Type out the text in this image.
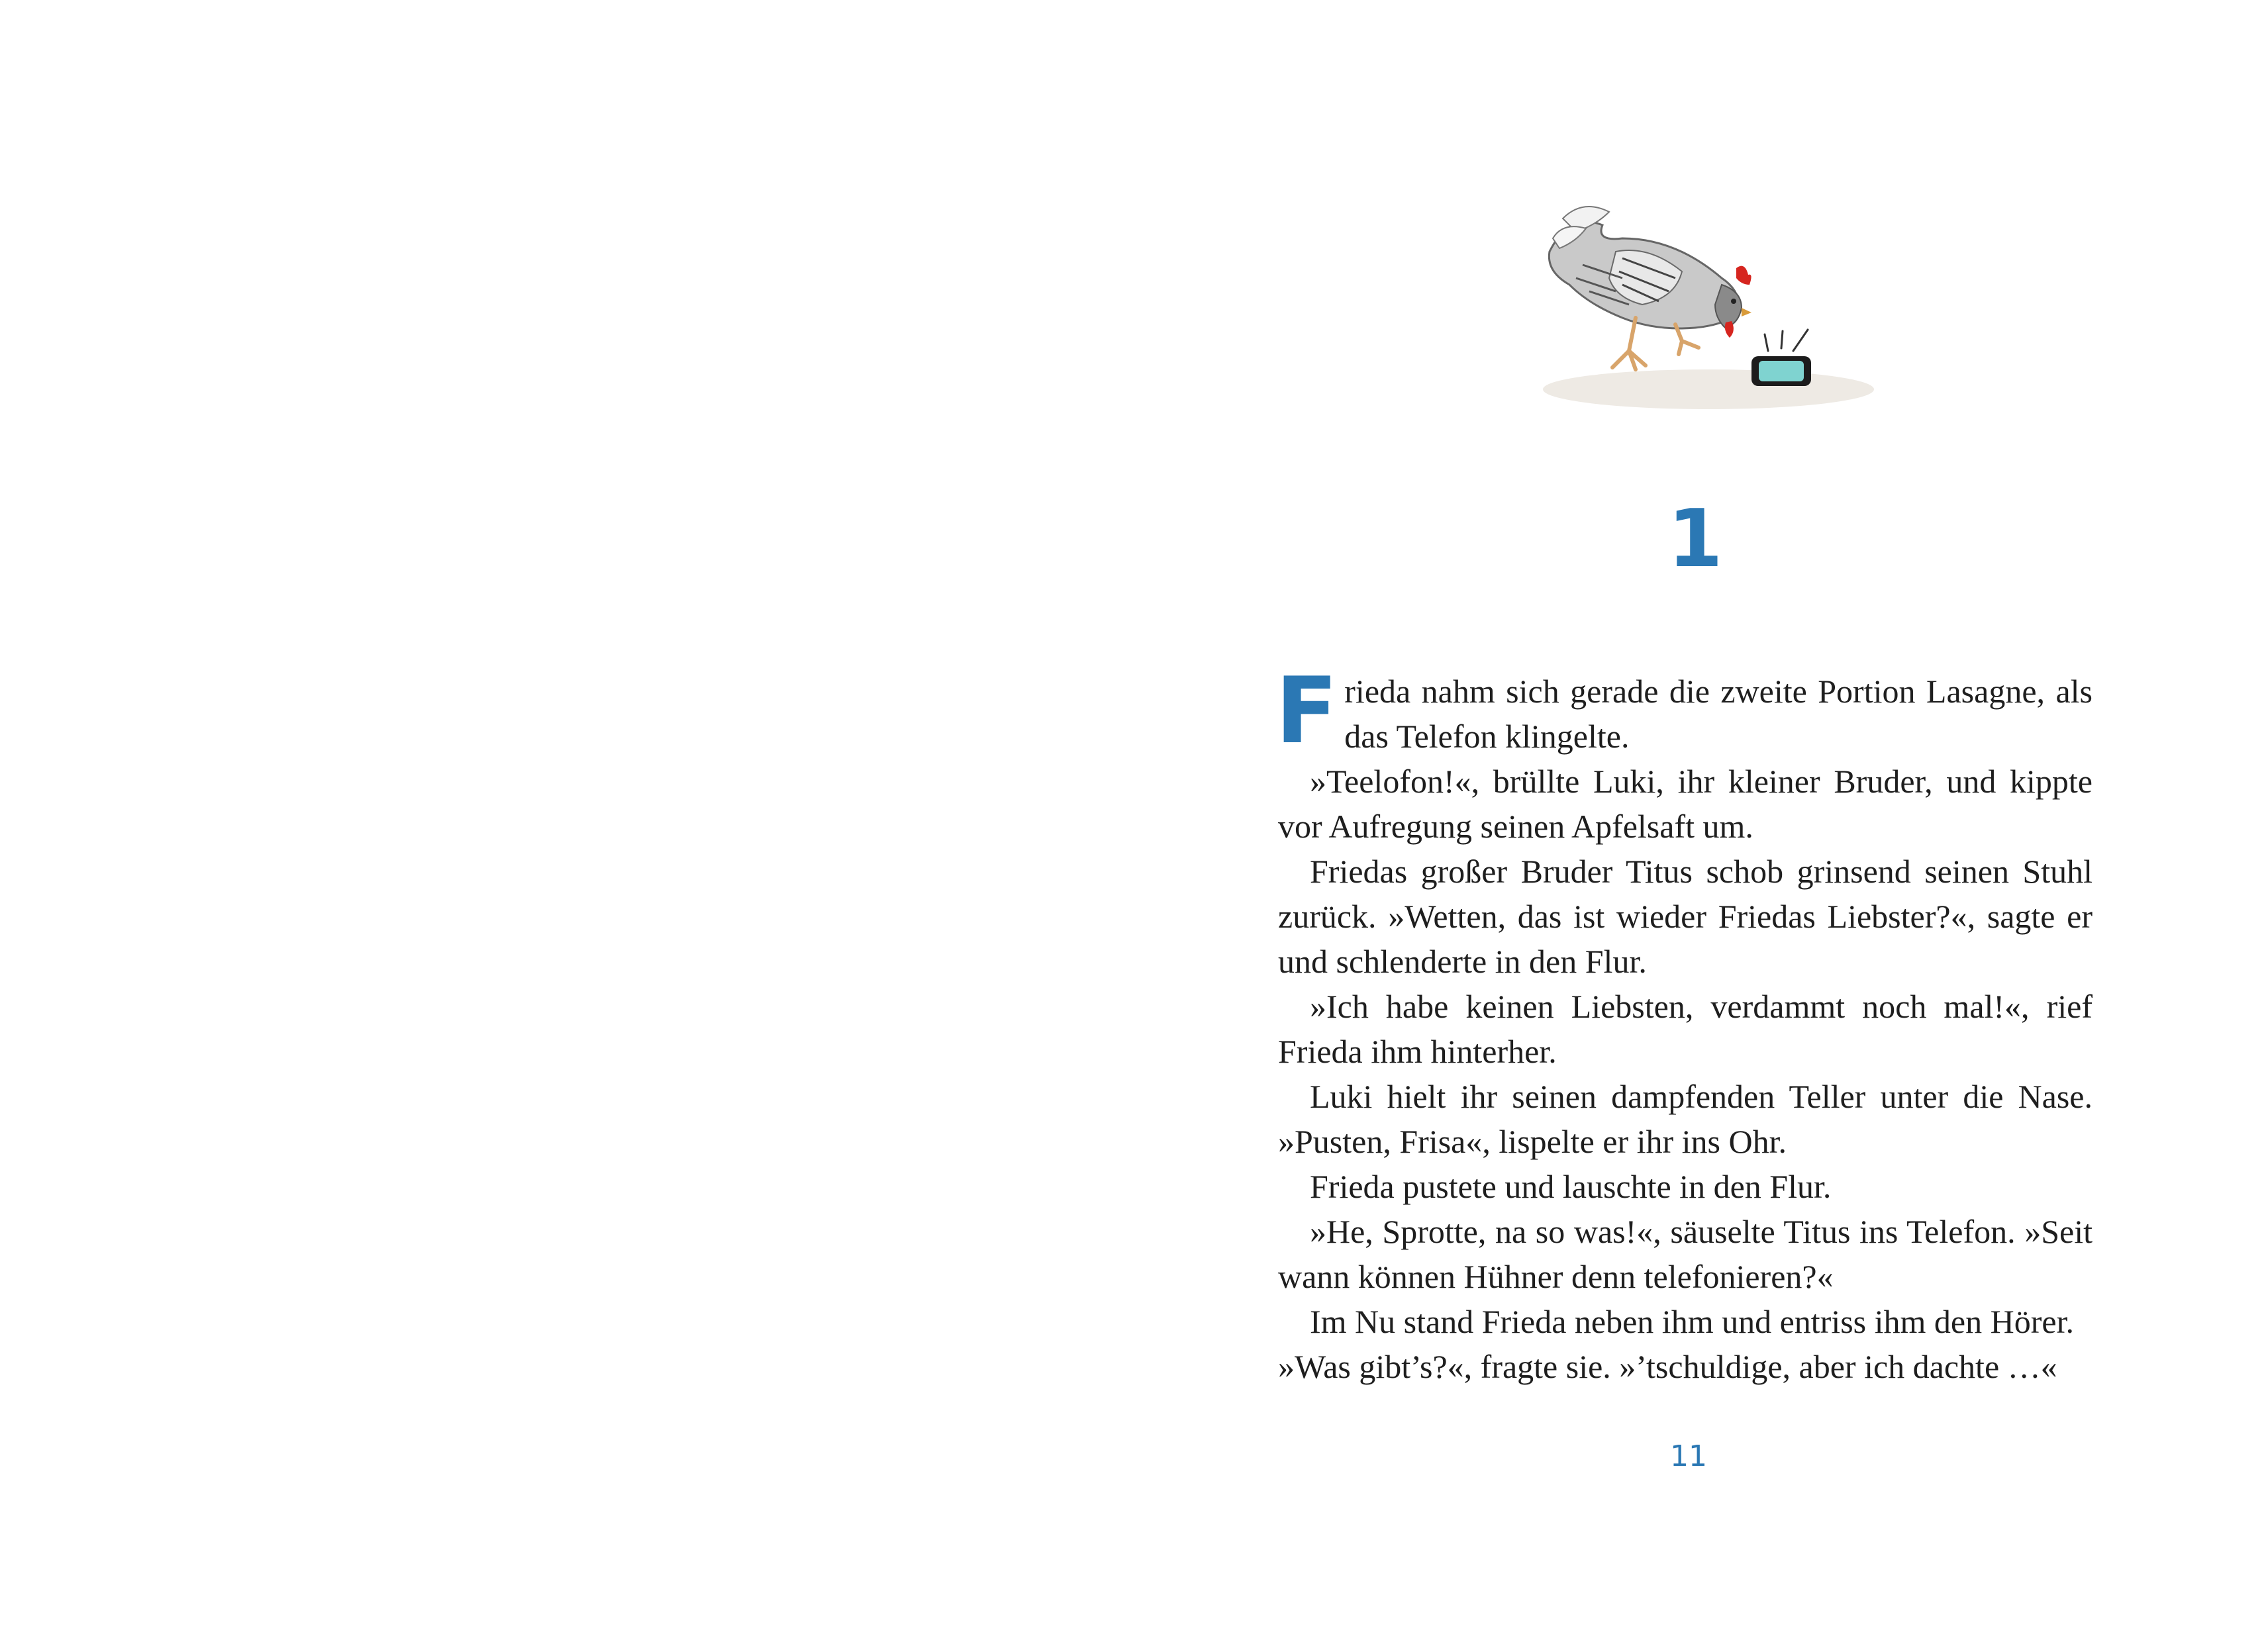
1

Frieda nahm sich gerade die zweite Portion Lasagne, als das Telefon klingelte.

»Teelofon!«, brüllte Luki, ihr kleiner Bruder, und kippte vor Aufregung seinen Apfelsaft um.

Friedas großer Bruder Titus schob grinsend seinen Stuhl zurück. »Wetten, das ist wieder Friedas Liebster?«, sagte er und schlenderte in den Flur.

»Ich habe keinen Liebsten, verdammt noch mal!«, rief Frieda ihm hinterher.

Luki hielt ihr seinen dampfenden Teller unter die Nase. »Pusten, Frisa«, lispelte er ihr ins Ohr.

Frieda pustete und lauschte in den Flur.

»He, Sprotte, na so was!«, säuselte Titus ins Telefon. »Seit wann können Hühner denn telefonieren?«

Im Nu stand Frieda neben ihm und entriss ihm den Hörer. »Was gibt’s?«, fragte sie. »’tschuldige, aber ich dachte …«

11
